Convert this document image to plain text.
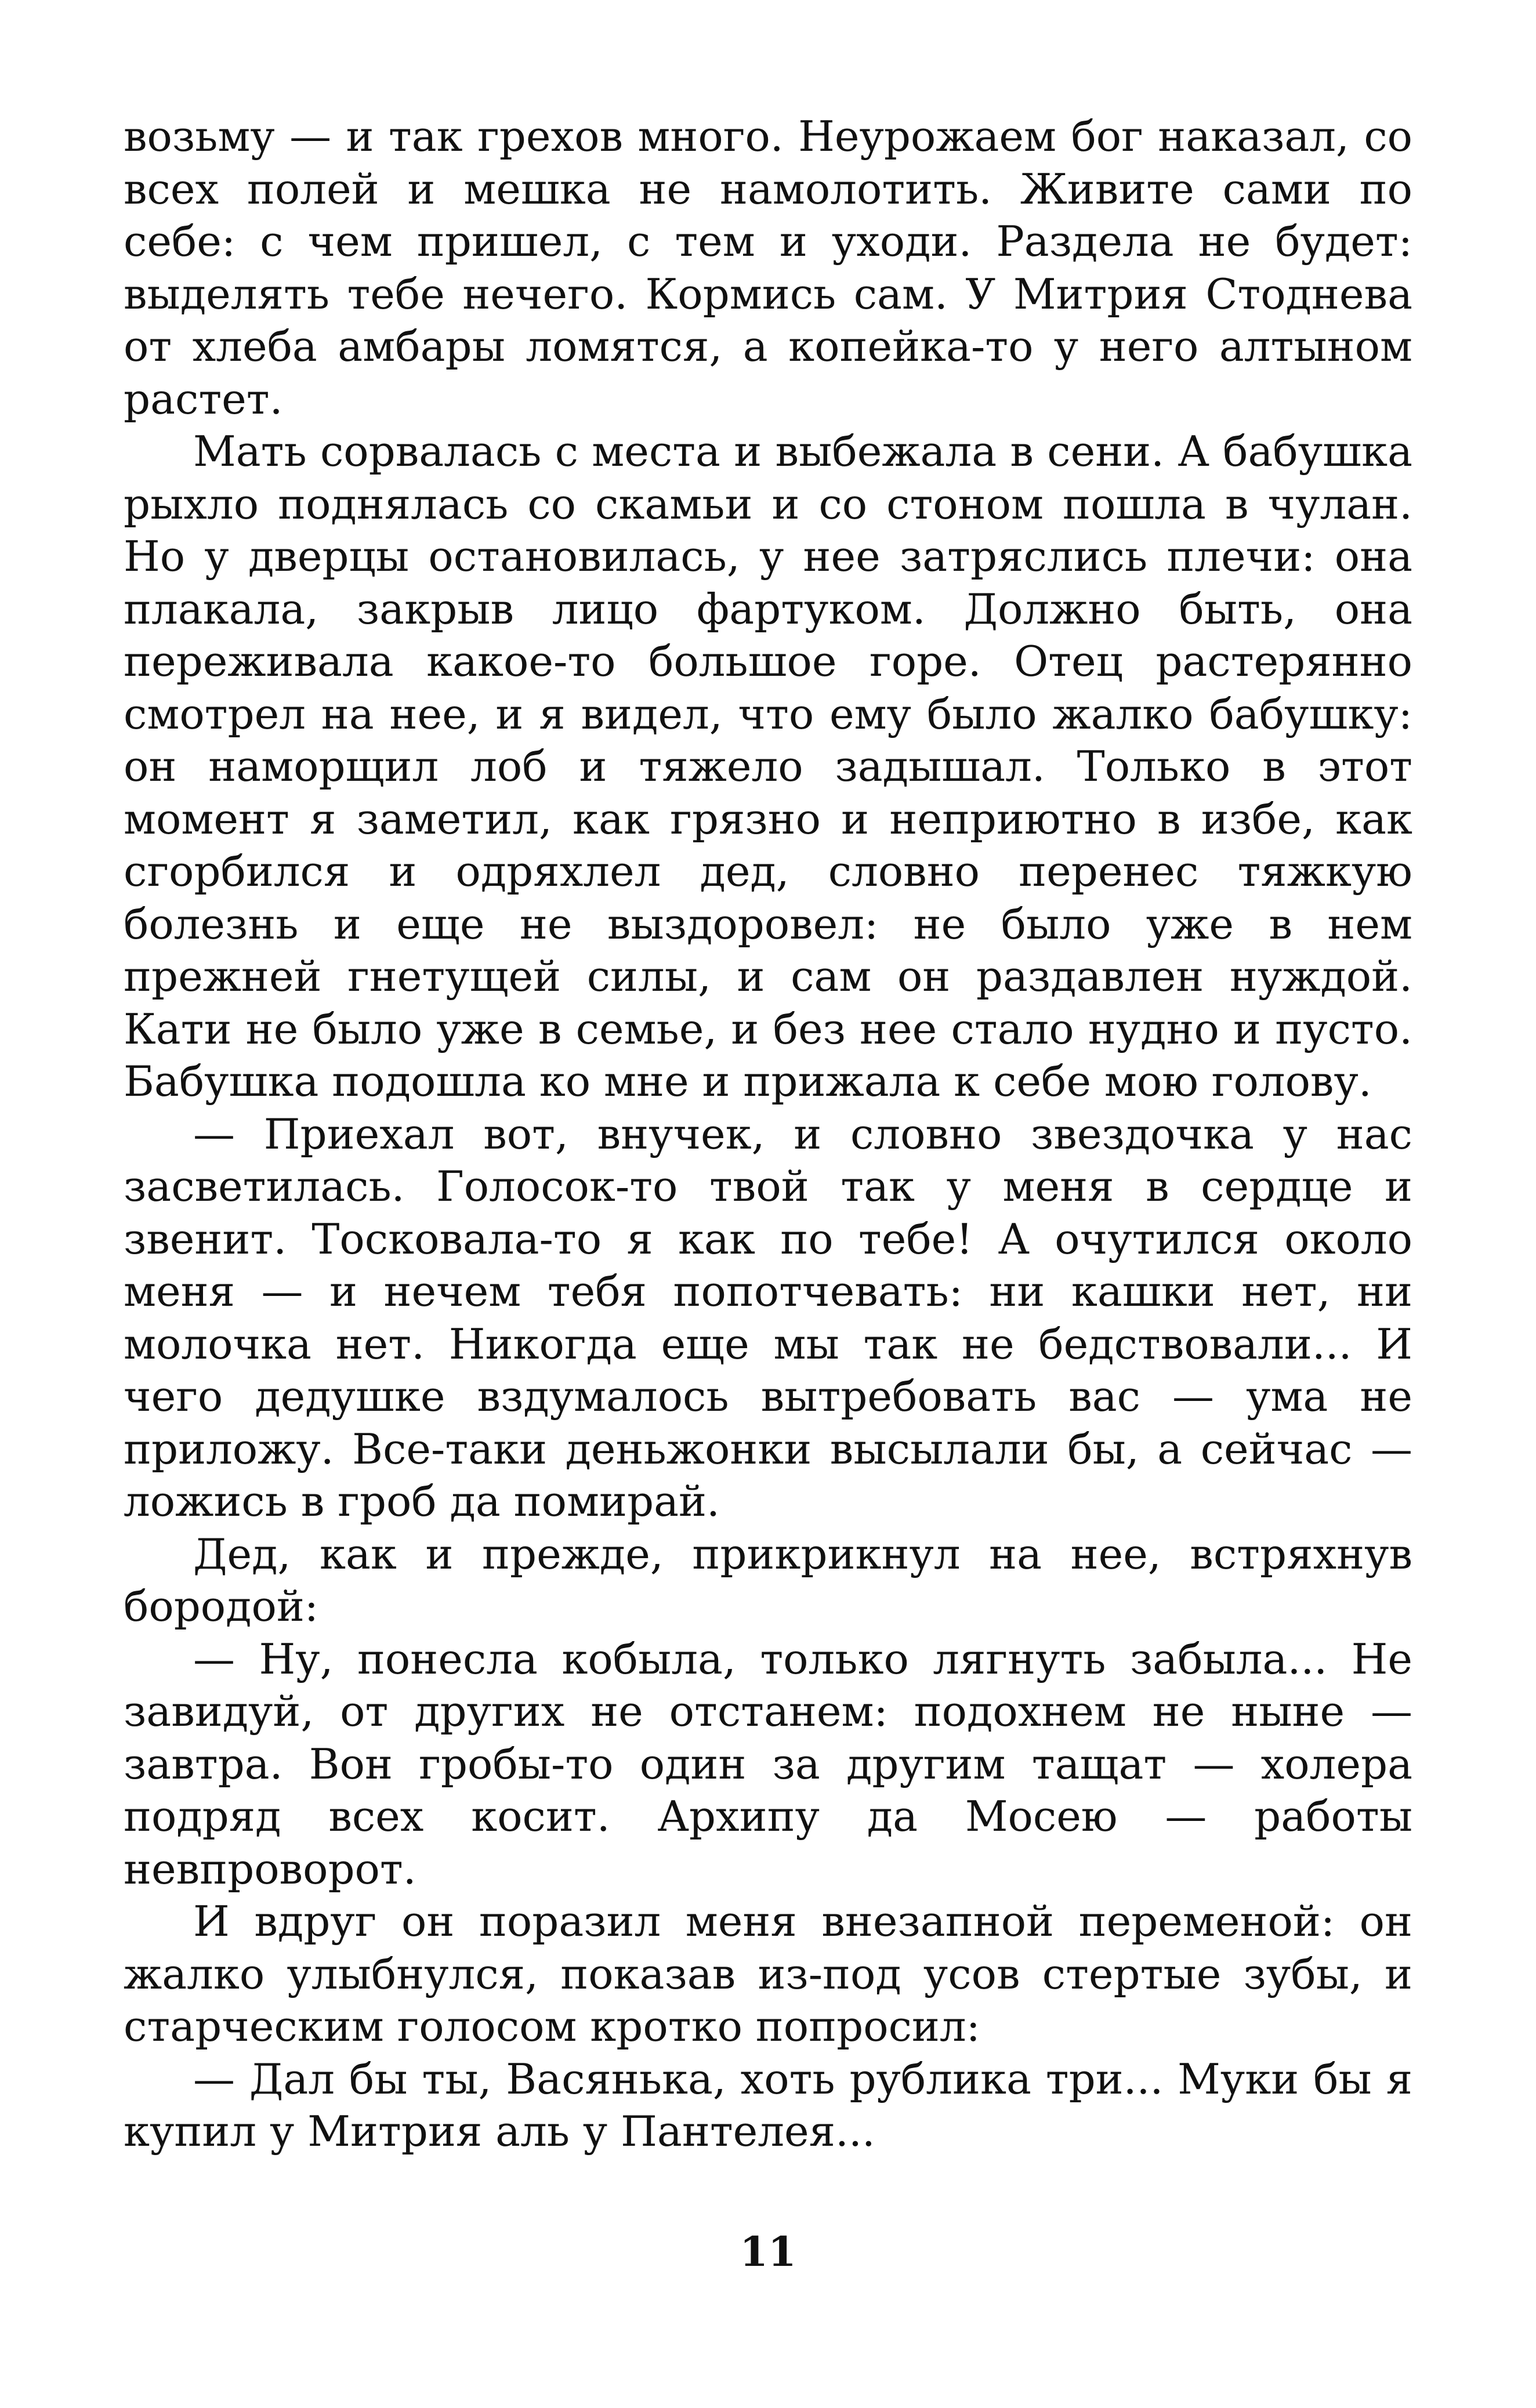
возьму — и так грехов много. Неурожаем бог наказал, со всех полей и мешка не намолотить. Живите сами по себе: с чем пришел, с тем и уходи. Раздела не будет: выделять тебе нечего. Кормись сам. У Митрия Стоднева от хлеба амбары ломятся, а копейка-то у него алтыном растет.

Мать сорвалась с места и выбежала в сени. А бабушка рыхло поднялась со скамьи и со стоном пошла в чулан. Но у дверцы остановилась, у нее затряслись плечи: она плакала, закрыв лицо фартуком. Должно быть, она переживала какое-то большое горе. Отец растерянно смотрел на нее, и я видел, что ему было жалко бабушку: он наморщил лоб и тяжело задышал. Только в этот момент я заметил, как грязно и неприютно в избе, как сгорбился и одряхлел дед, словно перенес тяжкую болезнь и еще не выздоровел: не было уже в нем прежней гнетущей силы, и сам он раздавлен нуждой. Кати не было уже в семье, и без нее стало нудно и пусто. Бабушка подошла ко мне и прижала к себе мою голову.

— Приехал вот, внучек, и словно звездочка у нас засветилась. Голосок-то твой так у меня в сердце и звенит. Тосковала-то я как по тебе! А очутился около меня — и нечем тебя попотчевать: ни кашки нет, ни молочка нет. Никогда еще мы так не бедствовали... И чего дедушке вздумалось вытребовать вас — ума не приложу. Все-таки деньжонки высылали бы, а сейчас — ложись в гроб да помирай.

Дед, как и прежде, прикрикнул на нее, встряхнув бородой:

— Ну, понесла кобыла, только лягнуть забыла... Не завидуй, от других не отстанем: подохнем не ныне — завтра. Вон гробы-то один за другим тащат — холера подряд всех косит. Архипу да Мосею — работы невпроворот.

И вдруг он поразил меня внезапной переменой: он жалко улыбнулся, показав из-под усов стертые зубы, и старческим голосом кротко попросил:

— Дал бы ты, Васянька, хоть рублика три... Муки бы я купил у Митрия аль у Пантелея...

11
